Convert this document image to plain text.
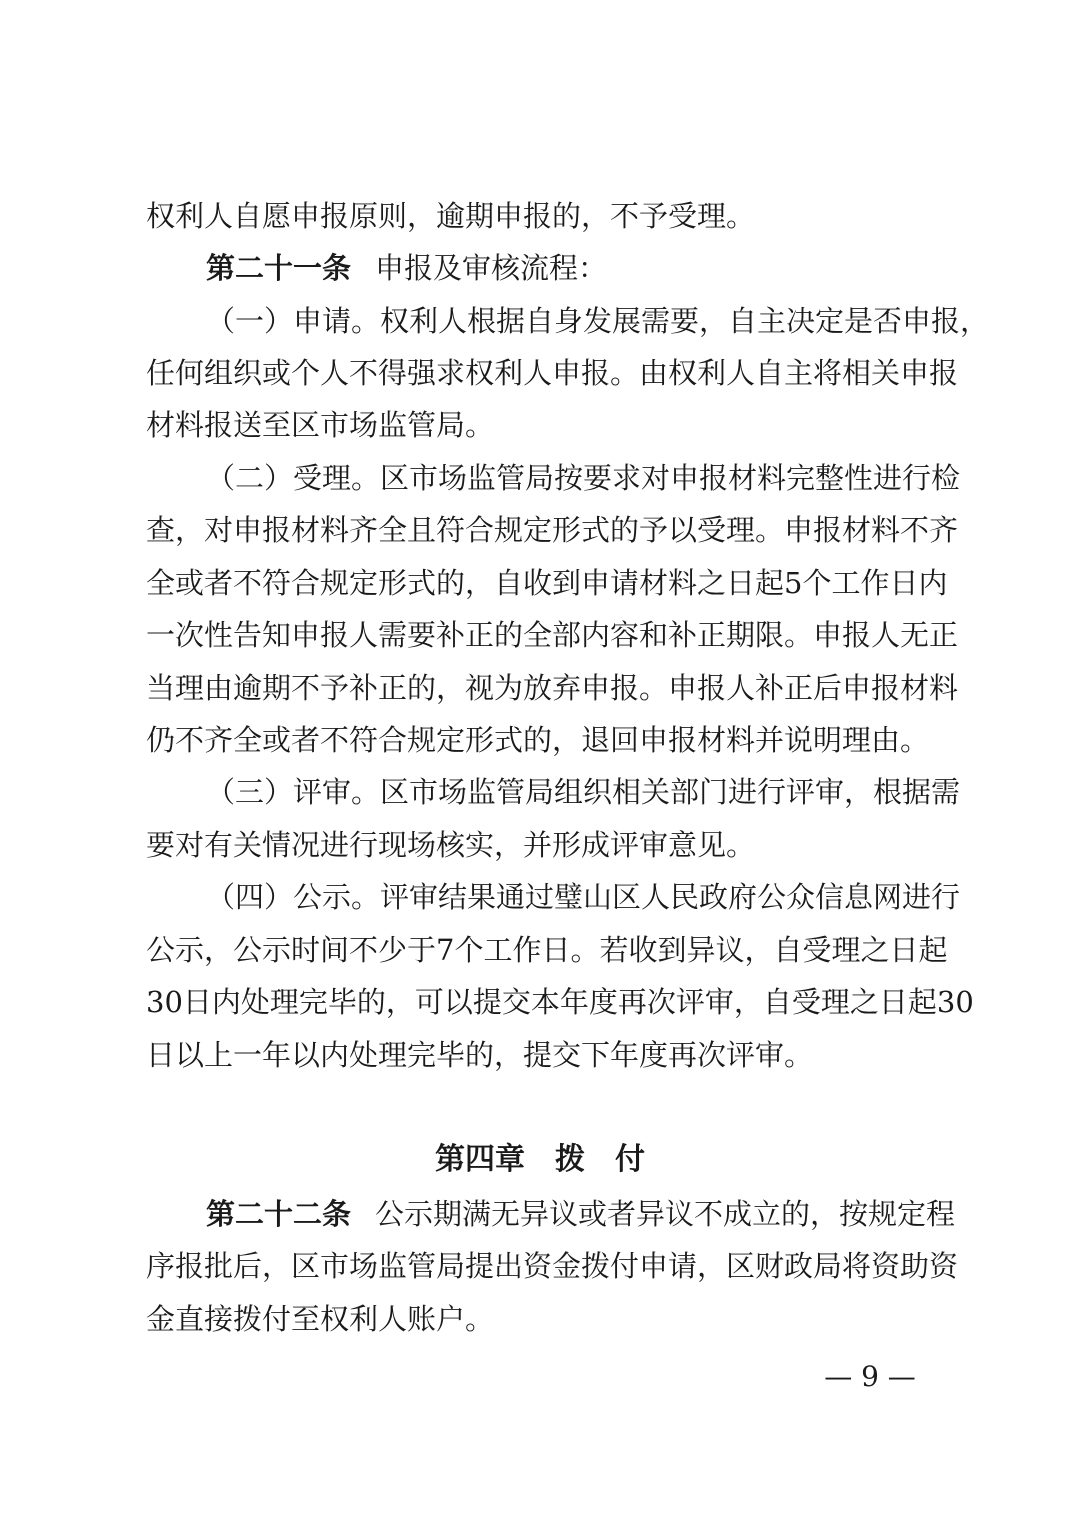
权利人自愿申报原则，逾期申报的，不予受理。
第二十一条 申报及审核流程：
（一）申请。权利人根据自身发展需要，自主决定是否申报，
任何组织或个人不得强求权利人申报。由权利人自主将相关申报
材料报送至区市场监管局。
（二）受理。区市场监管局按要求对申报材料完整性进行检
查，对申报材料齐全且符合规定形式的予以受理。申报材料不齐
全或者不符合规定形式的，自收到申请材料之日起5个工作日内
一次性告知申报人需要补正的全部内容和补正期限。申报人无正
当理由逾期不予补正的，视为放弃申报。申报人补正后申报材料
仍不齐全或者不符合规定形式的，退回申报材料并说明理由。
（三）评审。区市场监管局组织相关部门进行评审，根据需
要对有关情况进行现场核实，并形成评审意见。
（四）公示。评审结果通过璧山区人民政府公众信息网进行
公示，公示时间不少于7个工作日。若收到异议，自受理之日起
30日内处理完毕的，可以提交本年度再次评审，自受理之日起30
日以上一年以内处理完毕的，提交下年度再次评审。
第四章　拨　付
第二十二条 公示期满无异议或者异议不成立的，按规定程
序报批后，区市场监管局提出资金拨付申请，区财政局将资助资
金直接拨付至权利人账户。
— 9 —
